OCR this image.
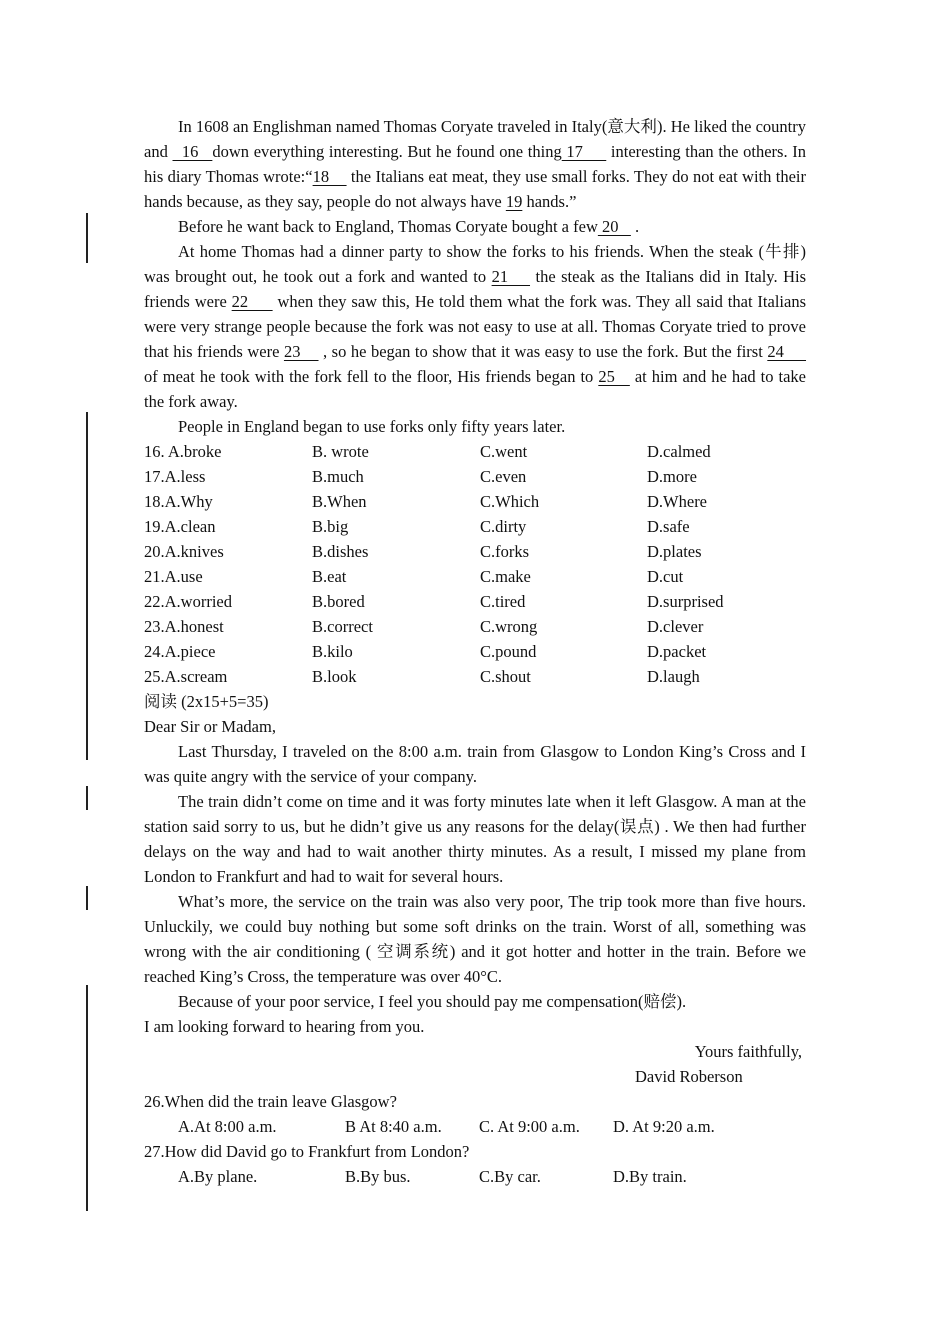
In 1608 an Englishman named Thomas Coryate traveled in Italy(意大利). He liked the country and   16   down everything interesting. But he found one thing 17      interesting than the others. In his diary Thomas wrote:“18     the Italians eat meat, they use small forks. They do not eat with their hands because, as they say, people do not always have 19 hands.”

Before he want back to England, Thomas Coryate bought a few 20    .

At home Thomas had a dinner party to show the forks to his friends. When the steak (牛排) was brought out, he took out a fork and wanted to 21     the steak as the Italians did in Italy. His friends were 22      when they saw this, He told them what the fork was. They all said that Italians were very strange people because the fork was not easy to use at all. Thomas Coryate tried to prove that his friends were 23     , so he began to show that it was easy to use the fork. But the first 24      of meat he took with the fork fell to the floor, His friends began to 25    at him and he had to take the fork away.

People in England began to use forks only fifty years later.

16. A.broke	B. wrote	C.went	D.calmed
17.A.less	B.much	C.even	D.more
18.A.Why	B.When	C.Which	D.Where
19.A.clean	B.big	C.dirty	D.safe
20.A.knives	B.dishes	C.forks	D.plates
21.A.use	B.eat	C.make	D.cut
22.A.worried	B.bored	C.tired	D.surprised
23.A.honest	B.correct	C.wrong	D.clever
24.A.piece	B.kilo	C.pound	D.packet
25.A.scream	B.look	C.shout	D.laugh
阅读 (2x15+5=35)
Dear Sir or Madam,

Last Thursday, I traveled on the 8:00 a.m. train from Glasgow to London King’s Cross and I was quite angry with the service of your company.

The train didn’t come on time and it was forty minutes late when it left Glasgow. A man at the station said sorry to us, but he didn’t give us any reasons for the delay(误点) . We then had further delays on the way and had to wait another thirty minutes. As a result, I missed my plane from London to Frankfurt and had to wait for several hours.

What’s more, the service on the train was also very poor, The trip took more than five hours. Unluckily, we could buy nothing but some soft drinks on the train. Worst of all, something was wrong with the air conditioning ( 空调系统) and it got hotter and hotter in the train. Before we reached King’s Cross, the temperature was over 40°C.

Because of your poor service, I feel you should pay me compensation(赔偿).

I am looking forward to hearing from you.
Yours faithfully,
David Roberson
26.When did the train leave Glasgow?
A.At 8:00 a.m.	B At 8:40 a.m.	C. At 9:00 a.m.	D. At 9:20 a.m.
27.How did David go to Frankfurt from London?
A.By plane.	B.By bus.	C.By car.	D.By train.
